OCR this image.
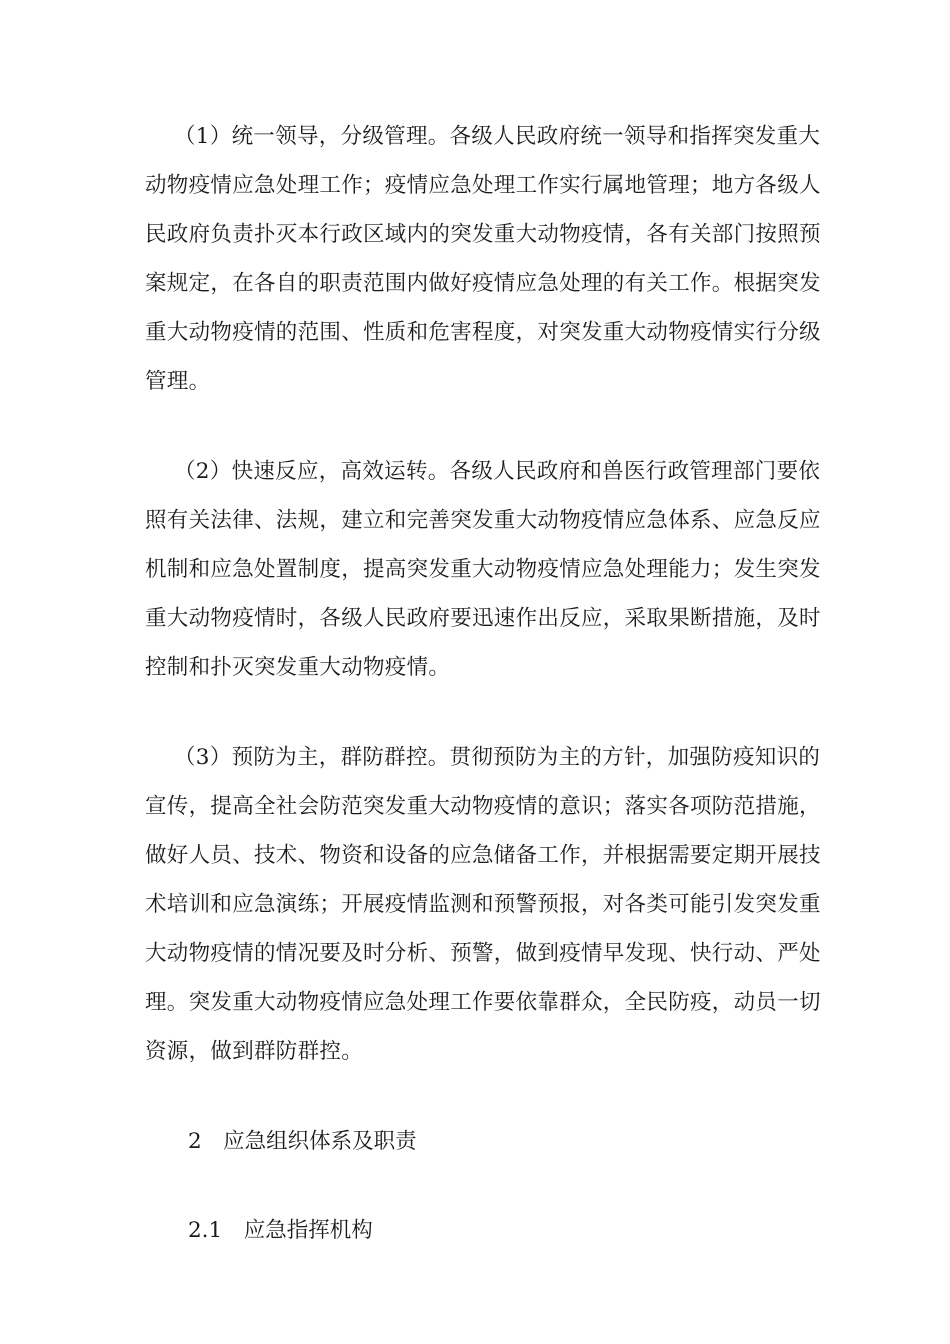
（1）统一领导，分级管理。各级人民政府统一领导和指挥突发重大
动物疫情应急处理工作；疫情应急处理工作实行属地管理；地方各级人
民政府负责扑灭本行政区域内的突发重大动物疫情，各有关部门按照预
案规定，在各自的职责范围内做好疫情应急处理的有关工作。根据突发
重大动物疫情的范围、性质和危害程度，对突发重大动物疫情实行分级
管理。
（2）快速反应，高效运转。各级人民政府和兽医行政管理部门要依
照有关法律、法规，建立和完善突发重大动物疫情应急体系、应急反应
机制和应急处置制度，提高突发重大动物疫情应急处理能力；发生突发
重大动物疫情时，各级人民政府要迅速作出反应，采取果断措施，及时
控制和扑灭突发重大动物疫情。
（3）预防为主，群防群控。贯彻预防为主的方针，加强防疫知识的
宣传，提高全社会防范突发重大动物疫情的意识；落实各项防范措施，
做好人员、技术、物资和设备的应急储备工作，并根据需要定期开展技
术培训和应急演练；开展疫情监测和预警预报，对各类可能引发突发重
大动物疫情的情况要及时分析、预警，做到疫情早发现、快行动、严处
理。突发重大动物疫情应急处理工作要依靠群众，全民防疫，动员一切
资源，做到群防群控。
2　应急组织体系及职责
2.1　应急指挥机构
